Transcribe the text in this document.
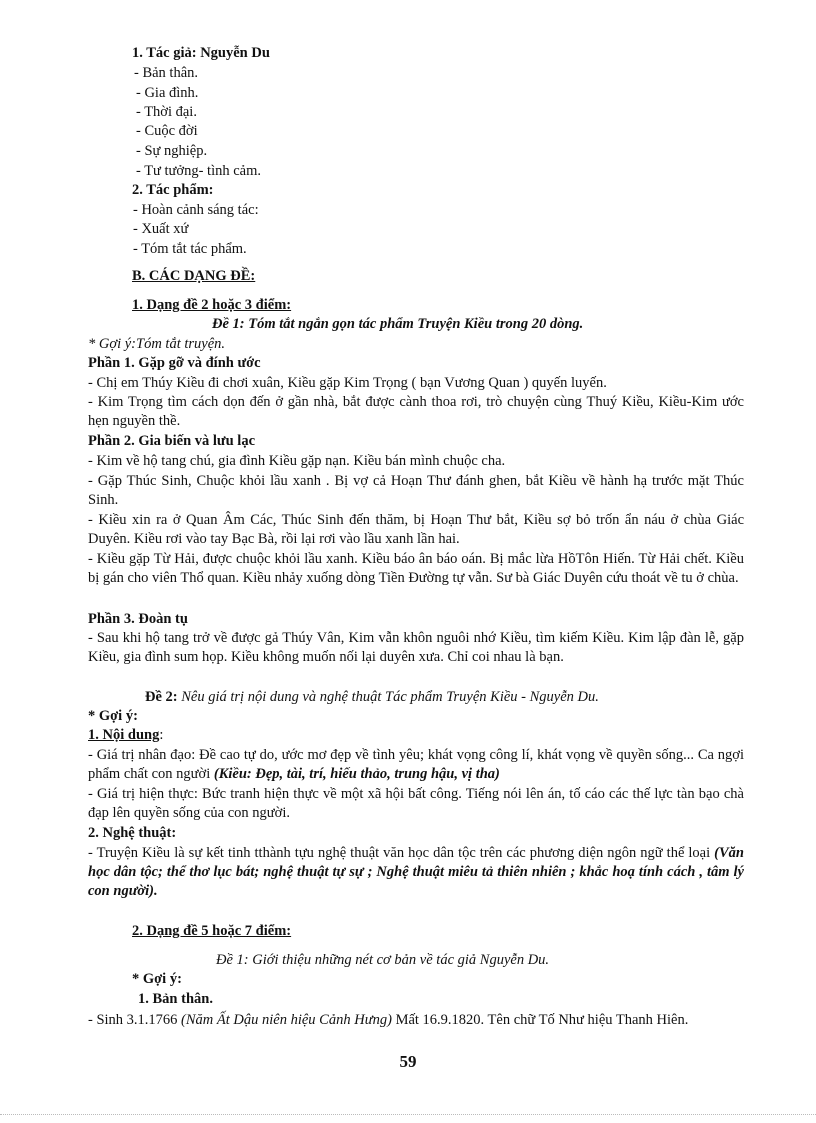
1. Tác giả: Nguyễn Du
- Bản thân.
- Gia đình.
- Thời đại.
- Cuộc đời
- Sự nghiệp.
- Tư tưởng- tình cảm.
2. Tác phẩm:
- Hoàn cảnh sáng tác:
- Xuất xứ
- Tóm tắt tác phẩm.
B. CÁC DẠNG ĐỀ:
1. Dạng đề 2 hoặc 3 điểm:
Đề 1: Tóm tắt ngắn gọn tác phẩm Truyện Kiều trong 20 dòng.
* Gợi ý:Tóm tắt truyện.
Phần 1. Gặp gỡ và đính ước
- Chị em Thúy Kiều đi chơi xuân, Kiều gặp Kim Trọng ( bạn Vương Quan ) quyến luyến.
- Kim Trọng tìm cách dọn đến ở gần nhà, bắt được cành thoa rơi, trò chuyện cùng Thuý Kiều, Kiều-Kim ước hẹn nguyền thề.
Phần 2. Gia biến và lưu lạc
- Kim về hộ tang chú, gia đình Kiều gặp nạn. Kiều bán mình chuộc cha.
- Gặp Thúc Sinh, Chuộc khỏi lầu xanh . Bị vợ cả Hoạn Thư đánh ghen, bắt Kiều về hành hạ trước mặt Thúc Sinh.
- Kiều xin ra ở Quan Âm Các, Thúc Sinh đến thăm, bị Hoạn Thư bắt, Kiều sợ bỏ trốn ẩn náu ở chùa Giác Duyên. Kiều rơi vào tay Bạc Bà, rồi lại rơi vào lầu xanh lần hai.
- Kiều gặp Từ Hải, được chuộc khỏi lầu xanh. Kiều báo ân báo oán. Bị mắc lừa HồTôn Hiến. Từ Hải chết. Kiều bị gán cho viên Thổ quan. Kiều nhảy xuống dòng Tiền Đường tự vẫn. Sư bà Giác Duyên cứu thoát về tu ở chùa.
Phần 3. Đoàn tụ
- Sau khi hộ tang trở về được gả Thúy Vân, Kim vẫn khôn nguôi nhớ Kiều, tìm kiếm Kiều. Kim lập đàn lễ, gặp Kiều, gia đình sum họp. Kiều không muốn nối lại duyên xưa. Chỉ coi nhau là bạn.
Đề 2: Nêu giá trị nội dung và nghệ thuật Tác phẩm Truyện Kiều - Nguyễn Du.
* Gợi ý:
1. Nội dung:
- Giá trị nhân đạo: Đề cao tự do, ước mơ đẹp về tình yêu; khát vọng công lí, khát vọng về quyền sống... Ca ngợi phẩm chất con người (Kiều: Đẹp, tài, trí, hiếu thảo, trung hậu, vị tha)
- Giá trị hiện thực: Bức tranh hiện thực về một xã hội bất công. Tiếng nói lên án, tố cáo các thế lực tàn bạo chà đạp lên quyền sống của con người.
2. Nghệ thuật:
- Truyện Kiều là sự kết tinh tthành tựu nghệ thuật văn học dân tộc trên các phương diện ngôn ngữ thể loại (Văn học dân tộc; thể thơ lục bát; nghệ thuật tự sự ; Nghệ thuật miêu tả thiên nhiên ; khắc hoạ tính cách , tâm lý con người).
2. Dạng đề 5 hoặc 7 điểm:
Đề 1: Giới thiệu những nét cơ bản về tác giả Nguyễn Du.
* Gợi ý:
1. Bản thân.
- Sinh 3.1.1766 (Năm Ất Dậu niên hiệu Cảnh Hưng) Mất 16.9.1820. Tên chữ Tố Như hiệu Thanh Hiên.
59
